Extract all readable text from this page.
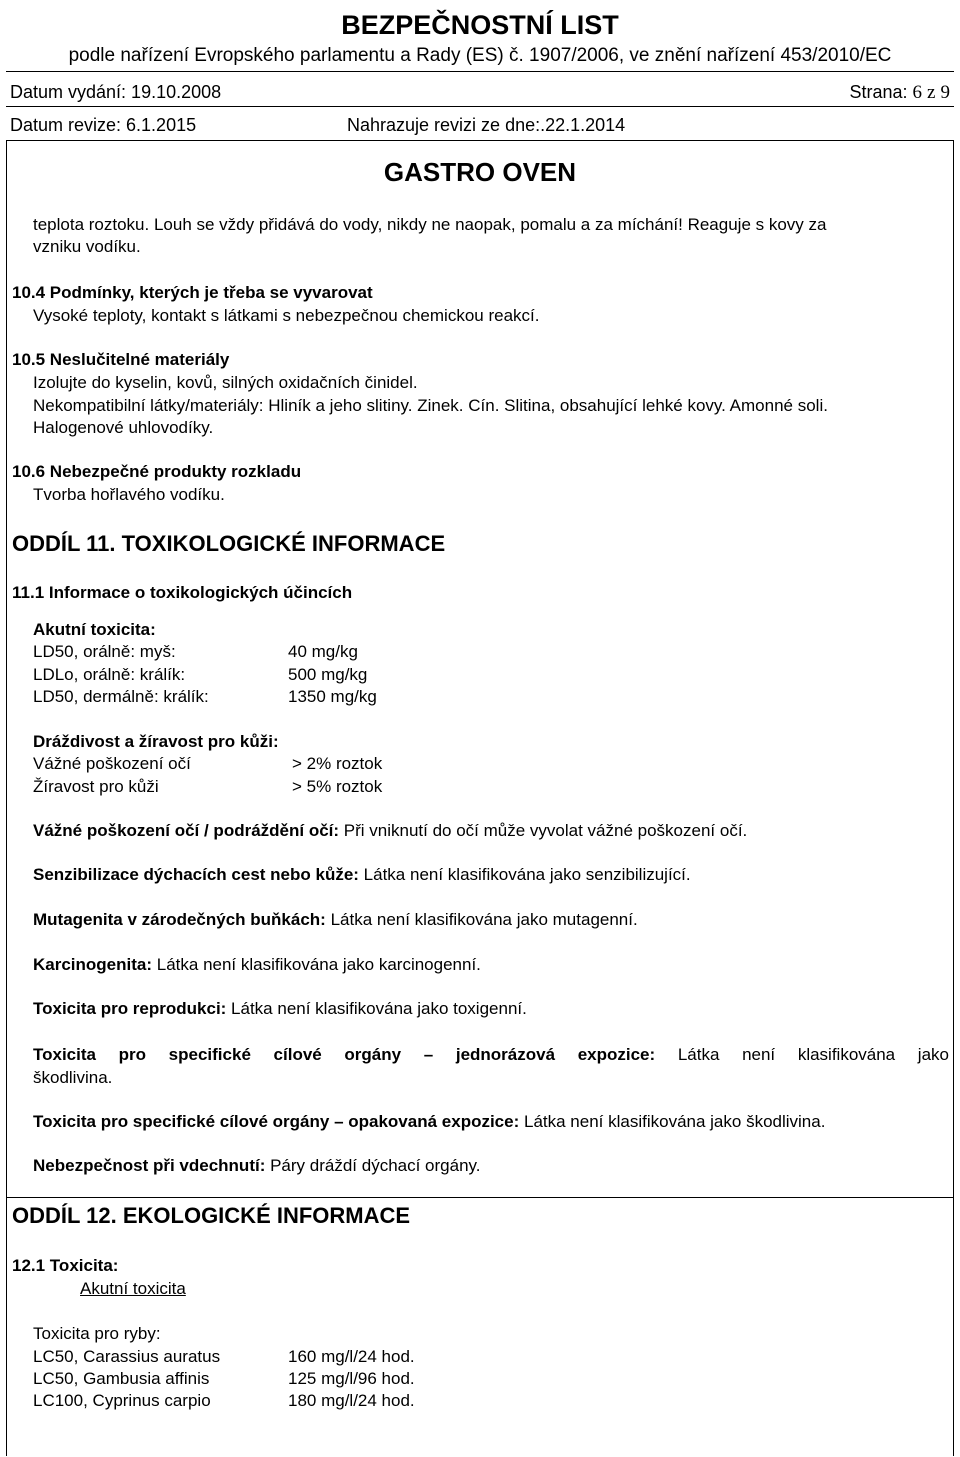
BEZPEČNOSTNÍ LIST
podle nařízení Evropského parlamentu a Rady (ES) č. 1907/2006, ve znění nařízení 453/2010/EC
Datum vydání: 19.10.2008	Strana: 6 z 9
Datum revize: 6.1.2015	Nahrazuje revizi ze dne:.22.1.2014
GASTRO OVEN
teplota roztoku. Louh se vždy přidává do vody, nikdy ne naopak, pomalu a za míchání! Reaguje s kovy za
vzniku vodíku.
10.4 Podmínky, kterých je třeba se vyvarovat
Vysoké teploty, kontakt s látkami s nebezpečnou chemickou reakcí.
10.5 Neslučitelné materiály
Izolujte do kyselin, kovů, silných oxidačních činidel.
Nekompatibilní látky/materiály: Hliník a jeho slitiny. Zinek. Cín. Slitina, obsahující lehké kovy. Amonné soli.
Halogenové uhlovodíky.
10.6 Nebezpečné produkty rozkladu
Tvorba hořlavého vodíku.
ODDÍL 11. TOXIKOLOGICKÉ INFORMACE
11.1 Informace o toxikologických účincích
Akutní toxicita:
LD50, orálně: myš:	40 mg/kg
LDLo, orálně: králík:	500 mg/kg
LD50, dermálně: králík:	1350 mg/kg
Dráždivost a žíravost pro kůži:
Vážné poškození očí	> 2% roztok
Žíravost pro kůži	> 5% roztok
Vážné poškození očí / podráždění očí: Při vniknutí do očí může vyvolat vážné poškození očí.
Senzibilizace dýchacích cest nebo kůže: Látka není klasifikována jako senzibilizující.
Mutagenita v zárodečných buňkách: Látka není klasifikována jako mutagenní.
Karcinogenita: Látka není klasifikována jako karcinogenní.
Toxicita pro reprodukci: Látka není klasifikována jako toxigenní.
Toxicita pro specifické cílové orgány – jednorázová expozice: Látka není klasifikována jako
škodlivina.
Toxicita pro specifické cílové orgány – opakovaná expozice: Látka není klasifikována jako škodlivina.
Nebezpečnost při vdechnutí: Páry dráždí dýchací orgány.
ODDÍL 12. EKOLOGICKÉ INFORMACE
12.1 Toxicita:
Akutní toxicita
Toxicita pro ryby:
LC50, Carassius auratus	160 mg/l/24 hod.
LC50, Gambusia affinis	125 mg/l/96 hod.
LC100, Cyprinus carpio	180 mg/l/24 hod.
